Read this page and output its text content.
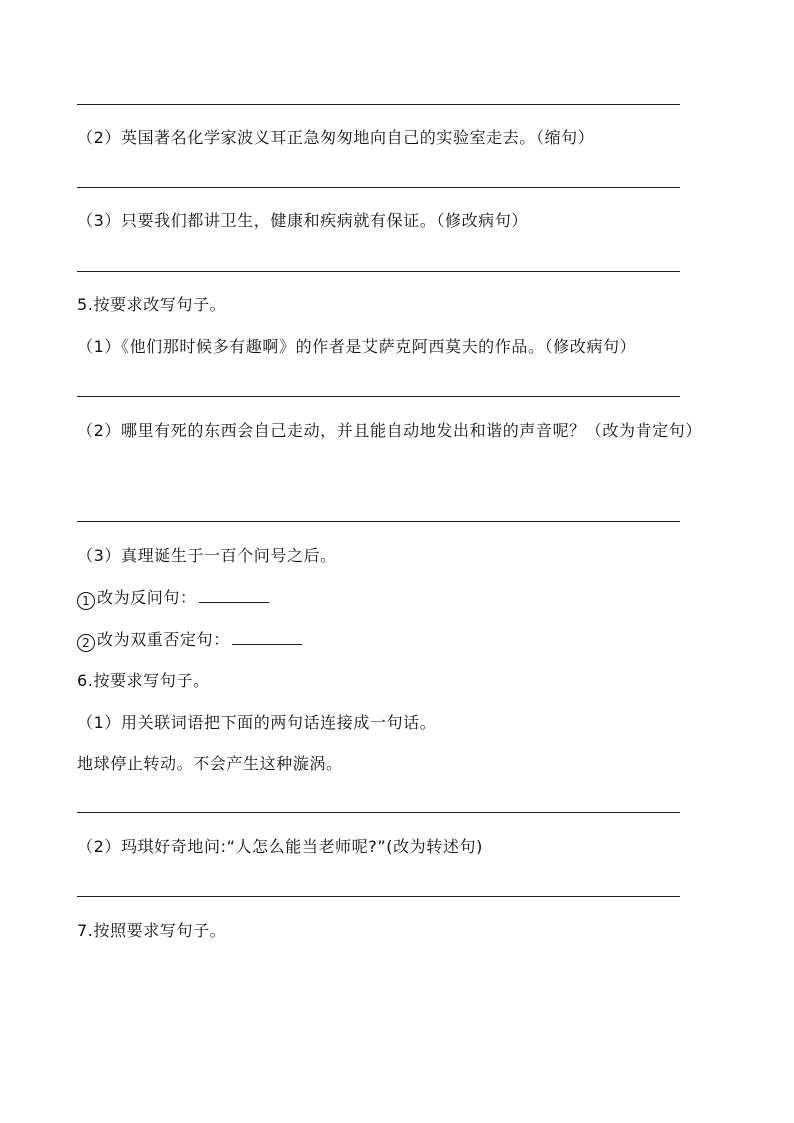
（2）英国著名化学家波义耳正急匆匆地向自己的实验室走去。（缩句）
（3）只要我们都讲卫生，健康和疾病就有保证。（修改病句）
5.按要求改写句子。
（1）《他们那时候多有趣啊》的作者是艾萨克阿西莫夫的作品。（修改病句）
（2）哪里有死的东西会自己走动，并且能自动地发出和谐的声音呢？（改为肯定句）
（3）真理诞生于一百个问号之后。
1 改为反问句：
2 改为双重否定句：
6.按要求写句子。
（1）用关联词语把下面的两句话连接成一句话。
地球停止转动。不会产生这种漩涡。
（2）玛琪好奇地问:“人怎么能当老师呢?”(改为转述句)
7.按照要求写句子。
